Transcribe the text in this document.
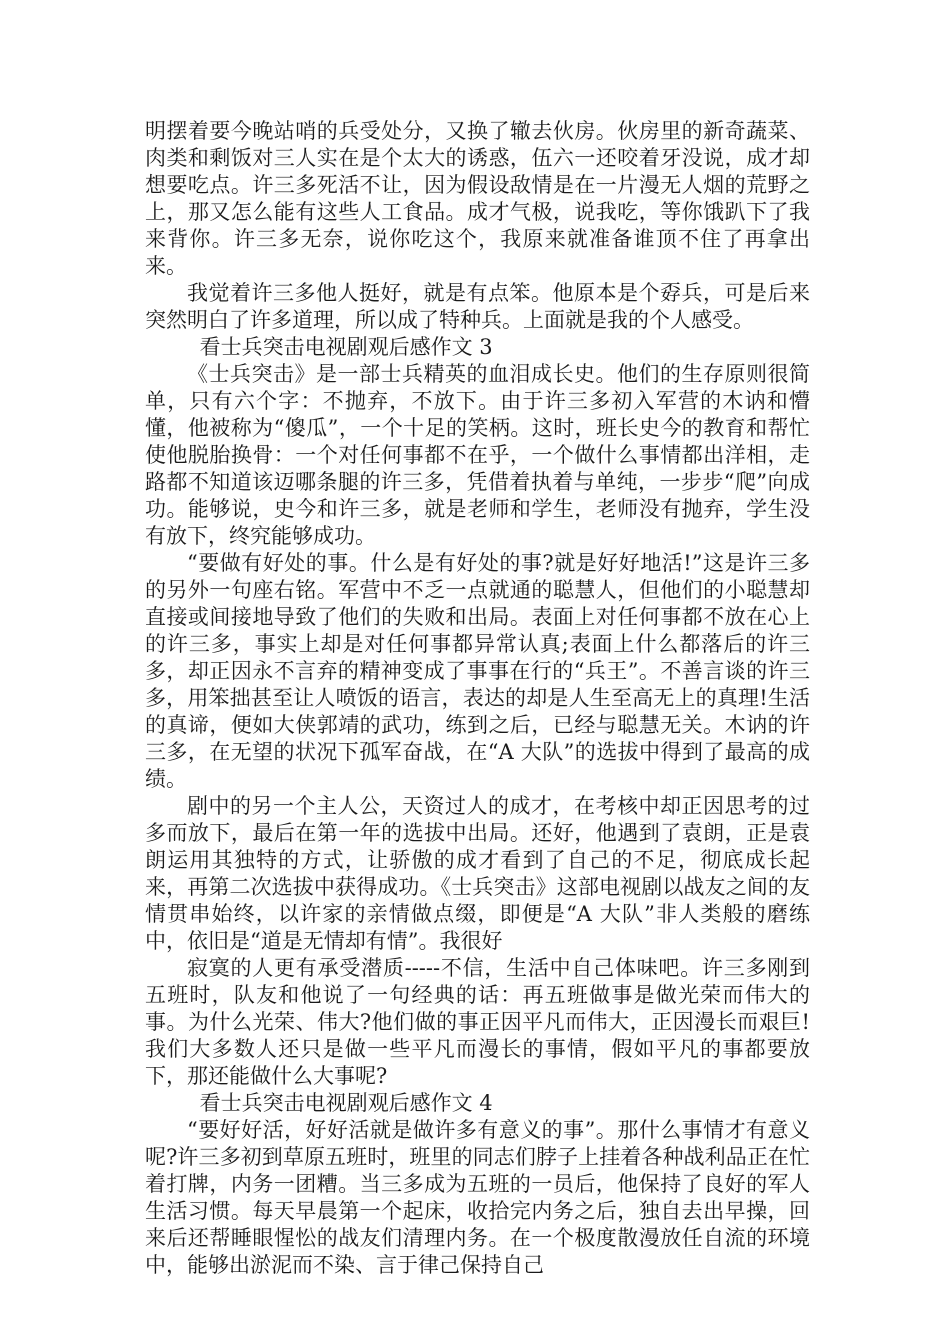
明摆着要今晚站哨的兵受处分，又换了辙去伙房。伙房里的新奇蔬菜、肉类和剩饭对三人实在是个太大的诱惑，伍六一还咬着牙没说，成才却想要吃点。许三多死活不让，因为假设敌情是在一片漫无人烟的荒野之上，那又怎么能有这些人工食品。成才气极，说我吃，等你饿趴下了我来背你。许三多无奈，说你吃这个，我原来就准备谁顶不住了再拿出来。

我觉着许三多他人挺好，就是有点笨。他原本是个孬兵，可是后来突然明白了许多道理，所以成了特种兵。上面就是我的个人感受。

看士兵突击电视剧观后感作文 3

《士兵突击》是一部士兵精英的血泪成长史。他们的生存原则很简单，只有六个字：不抛弃，不放下。由于许三多初入军营的木讷和懵懂，他被称为“傻瓜”，一个十足的笑柄。这时，班长史今的教育和帮忙使他脱胎换骨：一个对任何事都不在乎，一个做什么事情都出洋相，走路都不知道该迈哪条腿的许三多，凭借着执着与单纯，一步步“爬”向成功。能够说，史今和许三多，就是老师和学生，老师没有抛弃，学生没有放下，终究能够成功。

“要做有好处的事。什么是有好处的事?就是好好地活!”这是许三多的另外一句座右铭。军营中不乏一点就通的聪慧人，但他们的小聪慧却直接或间接地导致了他们的失败和出局。表面上对任何事都不放在心上的许三多，事实上却是对任何事都异常认真;表面上什么都落后的许三多，却正因永不言弃的精神变成了事事在行的“兵王”。不善言谈的许三多，用笨拙甚至让人喷饭的语言，表达的却是人生至高无上的真理!生活的真谛，便如大侠郭靖的武功，练到之后，已经与聪慧无关。木讷的许三多，在无望的状况下孤军奋战，在“A 大队”的选拔中得到了最高的成绩。

剧中的另一个主人公，天资过人的成才，在考核中却正因思考的过多而放下，最后在第一年的选拔中出局。还好，他遇到了袁朗，正是袁朗运用其独特的方式，让骄傲的成才看到了自己的不足，彻底成长起来，再第二次选拔中获得成功。《士兵突击》这部电视剧以战友之间的友情贯串始终，以许家的亲情做点缀，即便是“A 大队”非人类般的磨练中，依旧是“道是无情却有情”。我很好

寂寞的人更有承受潜质-----不信，生活中自己体味吧。许三多刚到五班时，队友和他说了一句经典的话：再五班做事是做光荣而伟大的事。为什么光荣、伟大?他们做的事正因平凡而伟大，正因漫长而艰巨!我们大多数人还只是做一些平凡而漫长的事情，假如平凡的事都要放下，那还能做什么大事呢?

看士兵突击电视剧观后感作文 4

“要好好活，好好活就是做许多有意义的事”。那什么事情才有意义呢?许三多初到草原五班时，班里的同志们脖子上挂着各种战利品正在忙着打牌，内务一团糟。当三多成为五班的一员后，他保持了良好的军人生活习惯。每天早晨第一个起床，收拾完内务之后，独自去出早操，回来后还帮睡眼惺忪的战友们清理内务。在一个极度散漫放任自流的环境中，能够出淤泥而不染、言于律己保持自己
